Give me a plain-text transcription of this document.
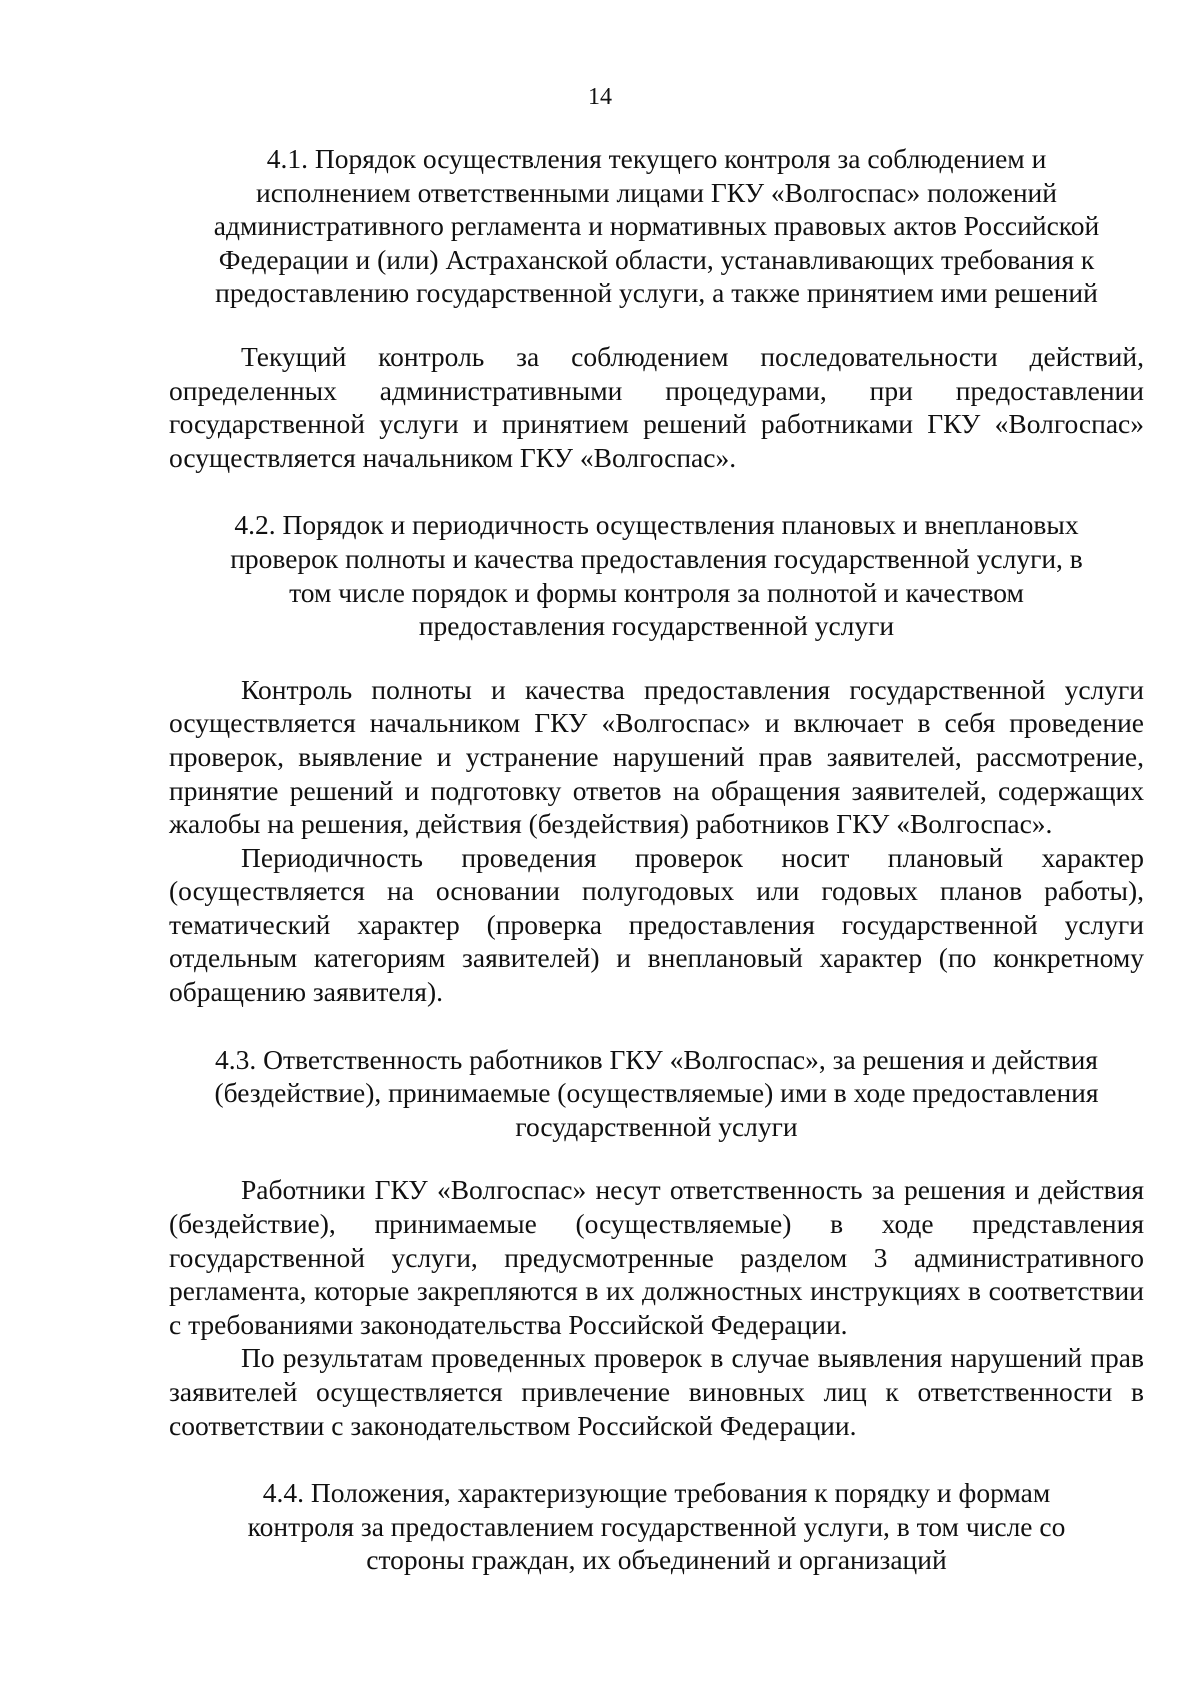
14

4.1. Порядок осуществления текущего контроля за соблюдением и исполнением ответственными лицами ГКУ «Волгоспас» положений административного регламента и нормативных правовых актов Российской Федерации и (или) Астраханской области, устанавливающих требования к предоставлению государственной услуги, а также принятием ими решений

Текущий контроль за соблюдением последовательности действий, определенных административными процедурами, при предоставлении государственной услуги и принятием решений работниками ГКУ «Волгоспас» осуществляется начальником ГКУ «Волгоспас».

4.2. Порядок и периодичность осуществления плановых и внеплановых проверок полноты и качества предоставления государственной услуги, в том числе порядок и формы контроля за полнотой и качеством предоставления государственной услуги

Контроль полноты и качества предоставления государственной услуги осуществляется начальником ГКУ «Волгоспас» и включает в себя проведение проверок, выявление и устранение нарушений прав заявителей, рассмотрение, принятие решений и подготовку ответов на обращения заявителей, содержащих жалобы на решения, действия (бездействия) работников ГКУ «Волгоспас».

Периодичность проведения проверок носит плановый характер (осуществляется на основании полугодовых или годовых планов работы), тематический характер (проверка предоставления государственной услуги отдельным категориям заявителей) и внеплановый характер (по конкретному обращению заявителя).

4.3. Ответственность работников ГКУ «Волгоспас», за решения и действия (бездействие), принимаемые (осуществляемые) ими в ходе предоставления государственной услуги

Работники ГКУ «Волгоспас» несут ответственность за решения и действия (бездействие), принимаемые (осуществляемые) в ходе представления государственной услуги, предусмотренные разделом 3 административного регламента, которые закрепляются в их должностных инструкциях в соответствии с требованиями законодательства Российской Федерации.

По результатам проведенных проверок в случае выявления нарушений прав заявителей осуществляется привлечение виновных лиц к ответственности в соответствии с законодательством Российской Федерации.

4.4. Положения, характеризующие требования к порядку и формам контроля за предоставлением государственной услуги, в том числе со стороны граждан, их объединений и организаций
